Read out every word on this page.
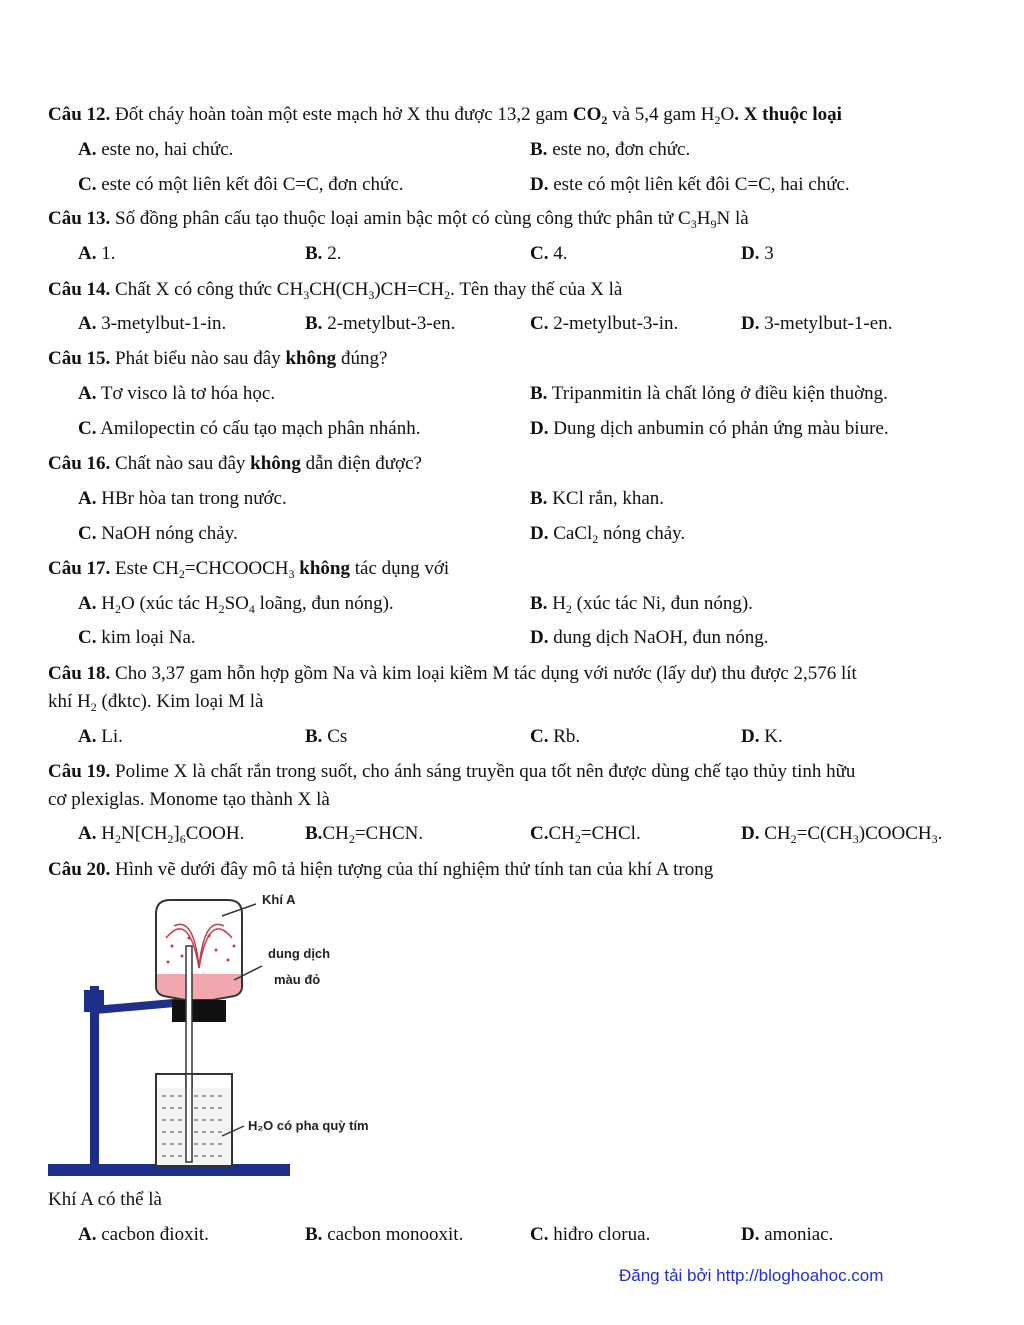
Câu 12. Đốt cháy hoàn toàn một este mạch hở X thu được 13,2 gam $CO_2$ và 5,4 gam $H_2O$. X thuộc loại
A. este no, hai chức.	B. este no, đơn chức.
C. este có một liên kết đôi C=C, đơn chức.	D. este có một liên kết đôi C=C, hai chức.
Câu 13. Số đồng phân cấu tạo thuộc loại amin bậc một có cùng công thức phân tử $C_3H_9N$ là
A. 1.	B. 2.	C. 4.	D. 3
Câu 14. Chất X có công thức $CH_3CH(CH_3)CH=CH_2$. Tên thay thế của X là
A. 3-metylbut-1-in.	B. 2-metylbut-3-en.	C. 2-metylbut-3-in.	D. 3-metylbut-1-en.
Câu 15. Phát biểu nào sau đây không đúng?
A. Tơ visco là tơ hóa học.	B. Tripanmitin là chất lỏng ở điều kiện thuờng.
C. Amilopectin có cấu tạo mạch phân nhánh.	D. Dung dịch anbumin có phản ứng màu biure.
Câu 16. Chất nào sau đây không dẫn điện được?
A. HBr hòa tan trong nước.	B. KCl rắn, khan.
C. NaOH nóng chảy.	D. CaCl$_2$ nóng chảy.
Câu 17. Este $CH_2=CHCOOCH_3$ không tác dụng với
A. $H_2O$ (xúc tác $H_2SO_4$ loãng, đun nóng).	B. $H_2$ (xúc tác Ni, đun nóng).
C. kim loại Na.	D. dung dịch NaOH, đun nóng.
Câu 18. Cho 3,37 gam hỗn hợp gồm Na và kim loại kiềm M tác dụng với nước (lấy dư) thu được 2,576 lít
khí $H_2$ (đktc). Kim loại M là
A. Li.	B. Cs	C. Rb.	D. K.
Câu 19. Polime X là chất rắn trong suốt, cho ánh sáng truyền qua tốt nên được dùng chế tạo thủy tinh hữu
cơ plexiglas. Monome tạo thành X là
A. $H_2N[CH_2]_6COOH$.	$B.CH_2=CHCN$.	$C.CH_2=CHCl$.	D. $CH_2=C(CH_3)COOCH_3$.
Câu 20. Hình vẽ dưới đây mô tả hiện tượng của thí nghiệm thử tính tan của khí A trong
Khí A
dung dịch
màu đỏ
H₂O có pha quỳ tím
Khí A có thể là
A. cacbon đioxit.	B. cacbon monooxit.	C. hiđro clorua.	D. amoniac.
Đăng tải bởi http://bloghoahoc.com
